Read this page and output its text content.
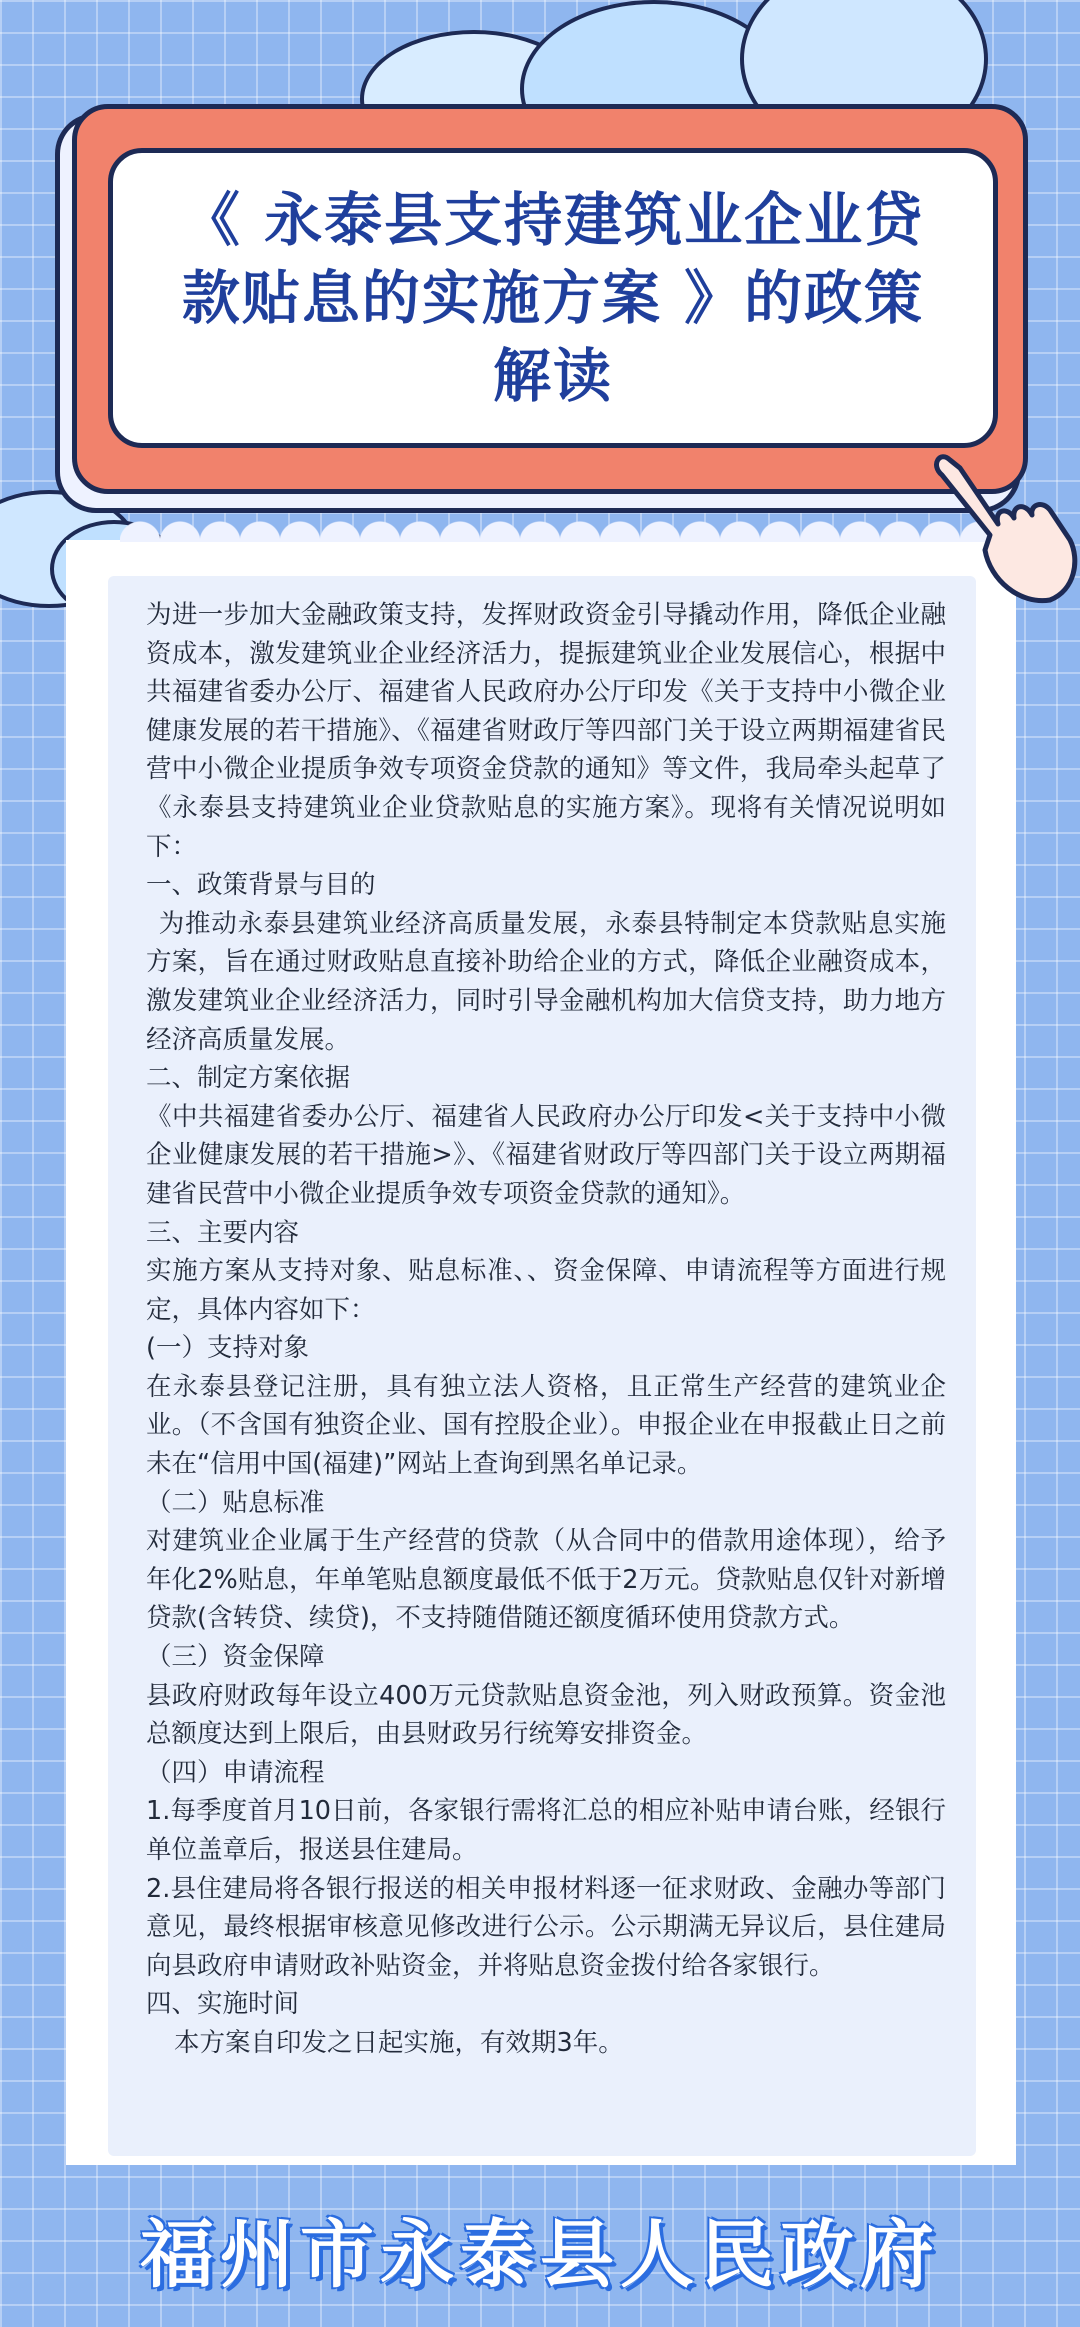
《 永泰县支持建筑业企业贷款贴息的实施方案 》的政策解读

为进一步加大金融政策支持，发挥财政资金引导撬动作用，降低企业融资成本，激发建筑业企业经济活力，提振建筑业企业发展信心，根据中共福建省委办公厅、福建省人民政府办公厅印发《关于支持中小微企业健康发展的若干措施》、《福建省财政厅等四部门关于设立两期福建省民营中小微企业提质争效专项资金贷款的通知》等文件，我局牵头起草了《永泰县支持建筑业企业贷款贴息的实施方案》。现将有关情况说明如下：

一、政策背景与目的

为推动永泰县建筑业经济高质量发展，永泰县特制定本贷款贴息实施方案，旨在通过财政贴息直接补助给企业的方式，降低企业融资成本，激发建筑业企业经济活力，同时引导金融机构加大信贷支持，助力地方经济高质量发展。

二、制定方案依据

《中共福建省委办公厅、福建省人民政府办公厅印发<关于支持中小微企业健康发展的若干措施>》、《福建省财政厅等四部门关于设立两期福建省民营中小微企业提质争效专项资金贷款的通知》。

三、主要内容

实施方案从支持对象、贴息标准、、资金保障、申请流程等方面进行规定，具体内容如下：

(一）支持对象

在永泰县登记注册，具有独立法人资格，且正常生产经营的建筑业企业。（不含国有独资企业、国有控股企业）。申报企业在申报截止日之前未在“信用中国(福建)”网站上查询到黑名单记录。

（二）贴息标准

对建筑业企业属于生产经营的贷款（从合同中的借款用途体现），给予年化2%贴息，年单笔贴息额度最低不低于2万元。贷款贴息仅针对新增贷款(含转贷、续贷)，不支持随借随还额度循环使用贷款方式。

（三）资金保障

县政府财政每年设立400万元贷款贴息资金池，列入财政预算。资金池总额度达到上限后，由县财政另行统筹安排资金。

（四）申请流程

1.每季度首月10日前，各家银行需将汇总的相应补贴申请台账，经银行单位盖章后，报送县住建局。

2.县住建局将各银行报送的相关申报材料逐一征求财政、金融办等部门意见，最终根据审核意见修改进行公示。公示期满无异议后，县住建局向县政府申请财政补贴资金，并将贴息资金拨付给各家银行。

四、实施时间

本方案自印发之日起实施，有效期3年。

福州市永泰县人民政府
